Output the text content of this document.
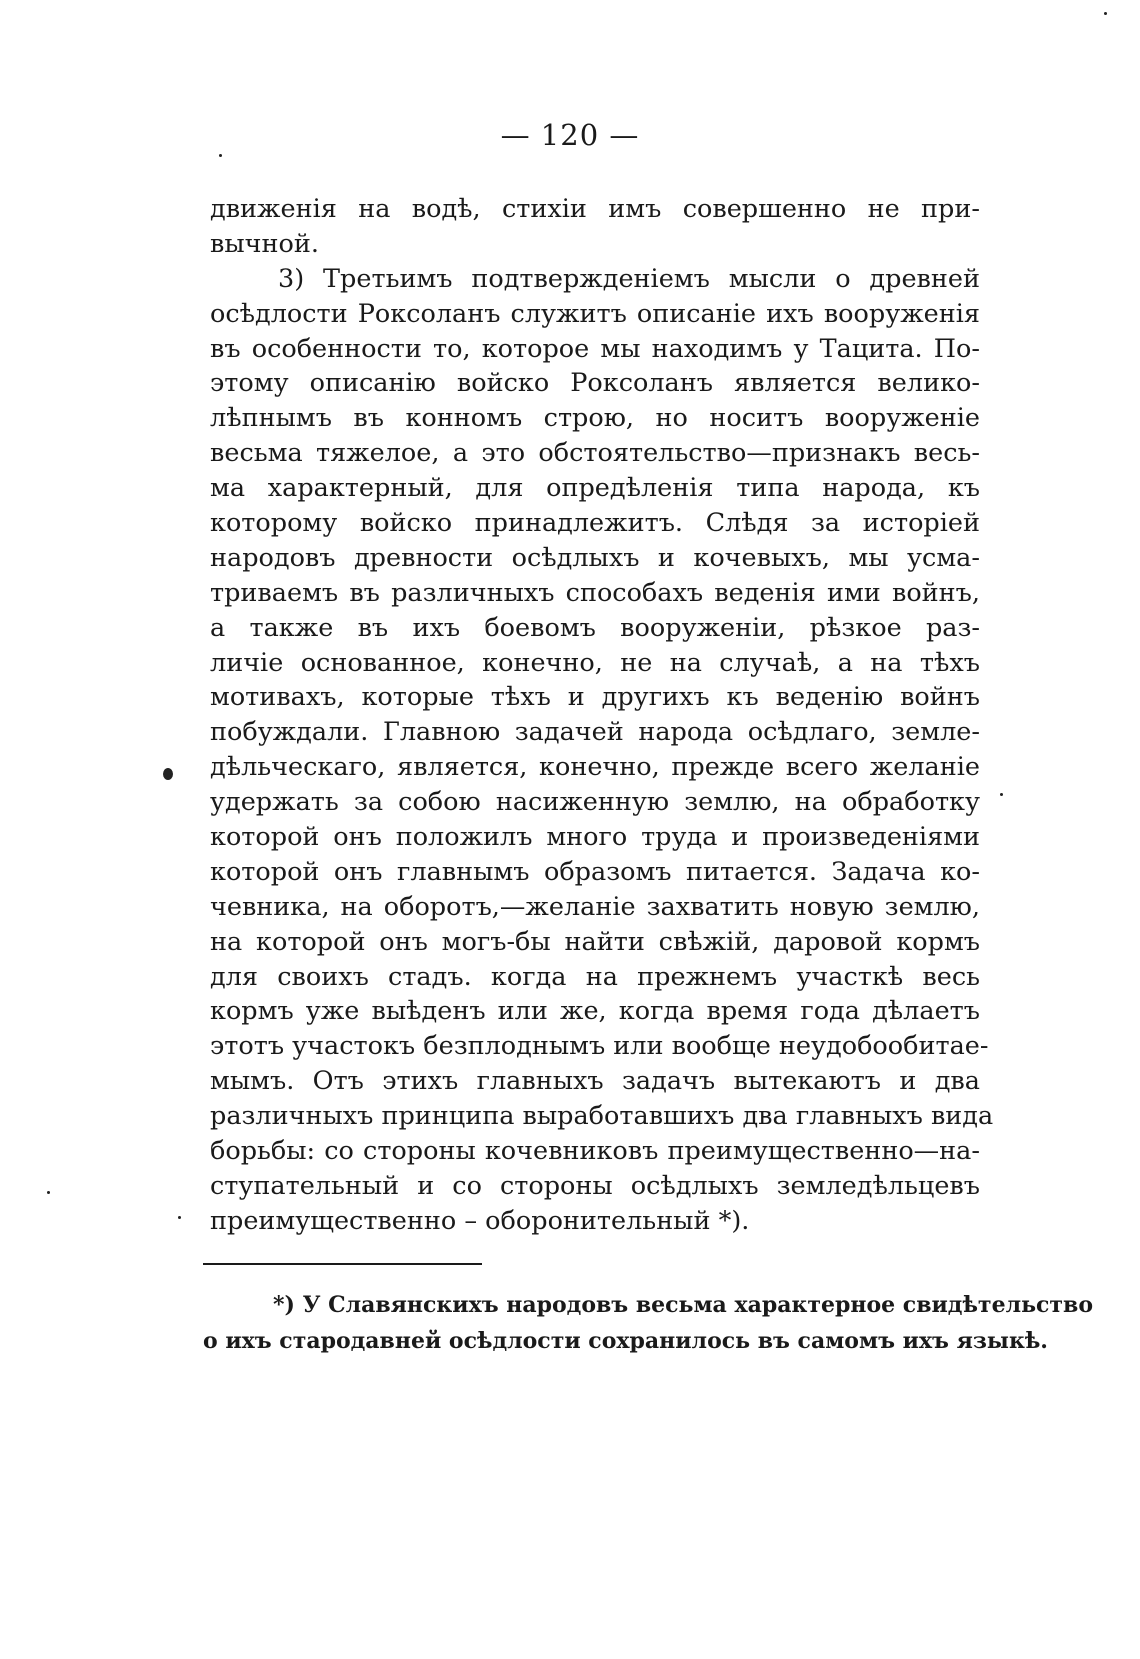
— 120 —
движенія на водѣ, стихіи имъ совершенно не при-
вычной.
3) Третьимъ подтвержденіемъ мысли о древней
осѣдлости Роксоланъ служитъ описаніе ихъ вооруженія
въ особенности то, которое мы находимъ у Тацита. По-
этому описанію войско Роксоланъ является велико-
лѣпнымъ въ конномъ строю, но носитъ вооруженіе
весьма тяжелое, а это обстоятельство—признакъ весь-
ма характерный, для опредѣленія типа народа, къ
которому войско принадлежитъ. Слѣдя за исторіей
народовъ древности осѣдлыхъ и кочевыхъ, мы усма-
триваемъ въ различныхъ способахъ веденія ими войнъ,
а также въ ихъ боевомъ вооруженіи, рѣзкое раз-
личіе основанное, конечно, не на случаѣ, а на тѣхъ
мотивахъ, которые тѣхъ и другихъ къ веденію войнъ
побуждали. Главною задачей народа осѣдлаго, земле-
дѣльческаго, является, конечно, прежде всего желаніе
удержать за собою насиженную землю, на обработку
которой онъ положилъ много труда и произведеніями
которой онъ главнымъ образомъ питается. Задача ко-
чевника, на оборотъ,—желаніе захватить новую землю,
на которой онъ могъ-бы найти свѣжій, даровой кормъ
для своихъ стадъ. когда на прежнемъ участкѣ весь
кормъ уже выѣденъ или же, когда время года дѣлаетъ
этотъ участокъ безплоднымъ или вообще неудобообитае-
мымъ. Отъ этихъ главныхъ задачъ вытекаютъ и два
различныхъ принципа выработавшихъ два главныхъ вида
борьбы: со стороны кочевниковъ преимущественно—на-
ступательный и со стороны осѣдлыхъ земледѣльцевъ
преимущественно – оборонительный *).
*) У Славянскихъ народовъ весьма характерное свидѣтельство
о ихъ стародавней осѣдлости сохранилось въ самомъ ихъ языкѣ.
